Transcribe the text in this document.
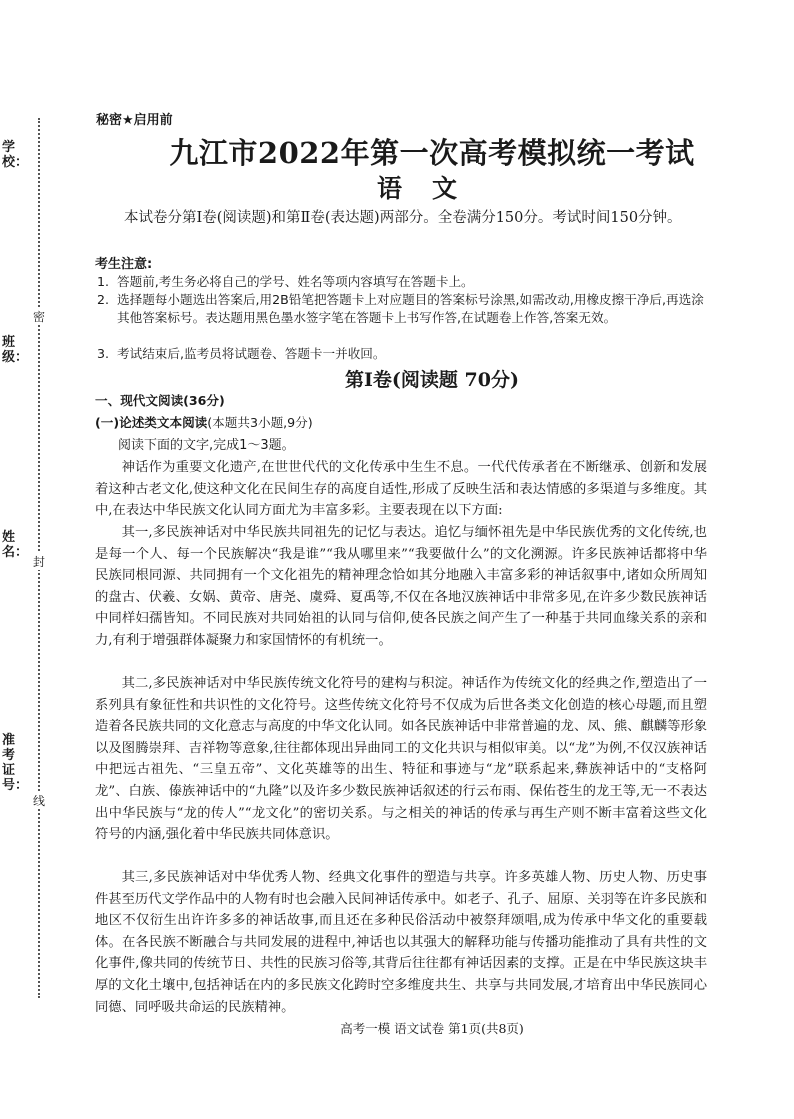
学校：
班级：
姓名：
准考证号：
密
封
线
秘密★启用前
九江市2022年第一次高考模拟统一考试
语文
本试卷分第Ⅰ卷(阅读题)和第Ⅱ卷(表达题)两部分。全卷满分150分。考试时间150分钟。
考生注意:
1. 答题前,考生务必将自己的学号、姓名等项内容填写在答题卡上。
2. 选择题每小题选出答案后,用2B铅笔把答题卡上对应题目的答案标号涂黑,如需改动,用橡皮擦干净后,再选涂其他答案标号。表达题用黑色墨水签字笔在答题卡上书写作答,在试题卷上作答,答案无效。
3. 考试结束后,监考员将试题卷、答题卡一并收回。
第Ⅰ卷(阅读题 70分)
一、现代文阅读(36分)
(一)论述类文本阅读(本题共3小题,9分)
阅读下面的文字,完成1～3题。
神话作为重要文化遗产,在世世代代的文化传承中生生不息。一代代传承者在不断继承、创新和发展着这种古老文化,使这种文化在民间生存的高度自适性,形成了反映生活和表达情感的多渠道与多维度。其中,在表达中华民族文化认同方面尤为丰富多彩。主要表现在以下方面:
其一,多民族神话对中华民族共同祖先的记忆与表达。追忆与缅怀祖先是中华民族优秀的文化传统,也是每一个人、每一个民族解决“我是谁”“我从哪里来”“我要做什么”的文化溯源。许多民族神话都将中华民族同根同源、共同拥有一个文化祖先的精神理念恰如其分地融入丰富多彩的神话叙事中,诸如众所周知的盘古、伏羲、女娲、黄帝、唐尧、虞舜、夏禹等,不仅在各地汉族神话中非常多见,在许多少数民族神话中同样妇孺皆知。不同民族对共同始祖的认同与信仰,使各民族之间产生了一种基于共同血缘关系的亲和力,有利于增强群体凝聚力和家国情怀的有机统一。
其二,多民族神话对中华民族传统文化符号的建构与积淀。神话作为传统文化的经典之作,塑造出了一系列具有象征性和共识性的文化符号。这些传统文化符号不仅成为后世各类文化创造的核心母题,而且塑造着各民族共同的文化意志与高度的中华文化认同。如各民族神话中非常普遍的龙、凤、熊、麒麟等形象以及图腾崇拜、吉祥物等意象,往往都体现出异曲同工的文化共识与相似审美。以“龙”为例,不仅汉族神话中把远古祖先、“三皇五帝”、文化英雄等的出生、特征和事迹与“龙”联系起来,彝族神话中的“支格阿龙”、白族、傣族神话中的“九隆”以及许多少数民族神话叙述的行云布雨、保佑苍生的龙王等,无一不表达出中华民族与“龙的传人”“龙文化”的密切关系。与之相关的神话的传承与再生产则不断丰富着这些文化符号的内涵,强化着中华民族共同体意识。
其三,多民族神话对中华优秀人物、经典文化事件的塑造与共享。许多英雄人物、历史人物、历史事件甚至历代文学作品中的人物有时也会融入民间神话传承中。如老子、孔子、屈原、关羽等在许多民族和地区不仅衍生出许许多多的神话故事,而且还在多种民俗活动中被祭拜颂唱,成为传承中华文化的重要载体。在各民族不断融合与共同发展的进程中,神话也以其强大的解释功能与传播功能推动了具有共性的文化事件,像共同的传统节日、共性的民族习俗等,其背后往往都有神话因素的支撑。正是在中华民族这块丰厚的文化土壤中,包括神话在内的多民族文化跨时空多维度共生、共享与共同发展,才培育出中华民族同心同德、同呼吸共命运的民族精神。
高考一模 语文试卷 第1页(共8页)
